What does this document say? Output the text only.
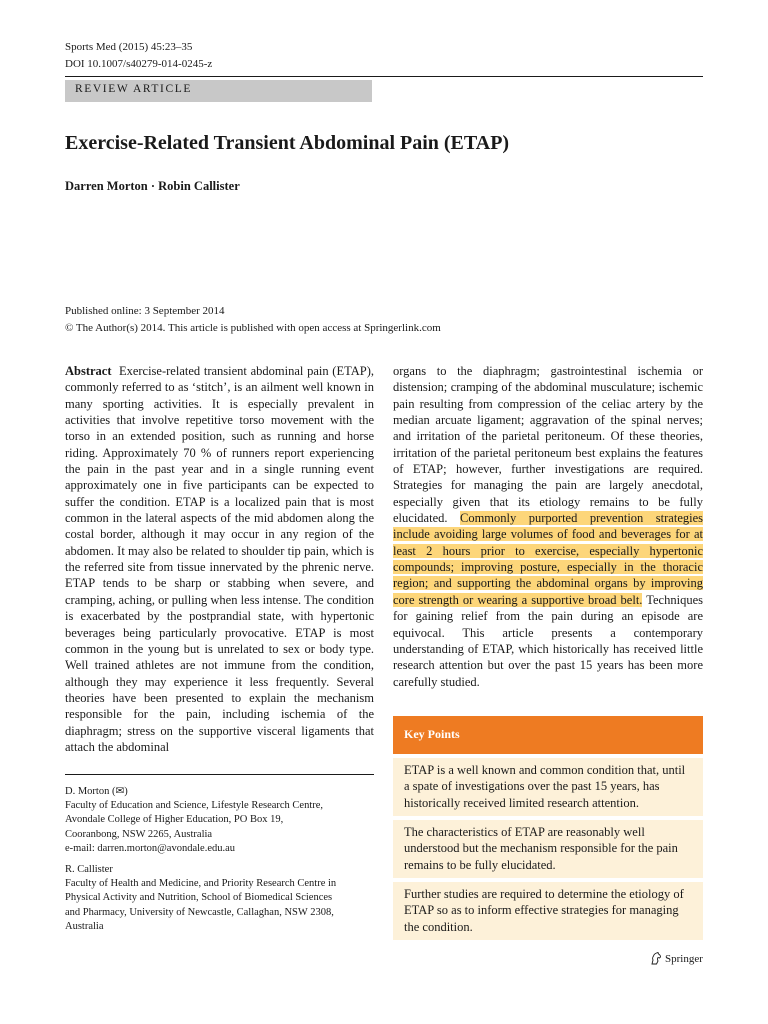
Sports Med (2015) 45:23–35
DOI 10.1007/s40279-014-0245-z
REVIEW ARTICLE
Exercise-Related Transient Abdominal Pain (ETAP)
Darren Morton · Robin Callister
Published online: 3 September 2014
© The Author(s) 2014. This article is published with open access at Springerlink.com
Abstract Exercise-related transient abdominal pain (ETAP), commonly referred to as ‘stitch’, is an ailment well known in many sporting activities. It is especially prevalent in activities that involve repetitive torso movement with the torso in an extended position, such as running and horse riding. Approximately 70 % of runners report experiencing the pain in the past year and in a single running event approximately one in five participants can be expected to suffer the condition. ETAP is a localized pain that is most common in the lateral aspects of the mid abdomen along the costal border, although it may occur in any region of the abdomen. It may also be related to shoulder tip pain, which is the referred site from tissue innervated by the phrenic nerve. ETAP tends to be sharp or stabbing when severe, and cramping, aching, or pulling when less intense. The condition is exacerbated by the postprandial state, with hypertonic beverages being particularly provocative. ETAP is most common in the young but is unrelated to sex or body type. Well trained athletes are not immune from the condition, although they may experience it less frequently. Several theories have been presented to explain the mechanism responsible for the pain, including ischemia of the diaphragm; stress on the supportive visceral ligaments that attach the abdominal
organs to the diaphragm; gastrointestinal ischemia or distension; cramping of the abdominal musculature; ischemic pain resulting from compression of the celiac artery by the median arcuate ligament; aggravation of the spinal nerves; and irritation of the parietal peritoneum. Of these theories, irritation of the parietal peritoneum best explains the features of ETAP; however, further investigations are required. Strategies for managing the pain are largely anecdotal, especially given that its etiology remains to be fully elucidated. Commonly purported prevention strategies include avoiding large volumes of food and beverages for at least 2 hours prior to exercise, especially hypertonic compounds; improving posture, especially in the thoracic region; and supporting the abdominal organs by improving core strength or wearing a supportive broad belt. Techniques for gaining relief from the pain during an episode are equivocal. This article presents a contemporary understanding of ETAP, which historically has received little research attention but over the past 15 years has been more carefully studied.
D. Morton (✉)
Faculty of Education and Science, Lifestyle Research Centre,
Avondale College of Higher Education, PO Box 19,
Cooranbong, NSW 2265, Australia
e-mail: darren.morton@avondale.edu.au
R. Callister
Faculty of Health and Medicine, and Priority Research Centre in
Physical Activity and Nutrition, School of Biomedical Sciences
and Pharmacy, University of Newcastle, Callaghan, NSW 2308,
Australia
Key Points
ETAP is a well known and common condition that, until a spate of investigations over the past 15 years, has historically received limited research attention.
The characteristics of ETAP are reasonably well understood but the mechanism responsible for the pain remains to be fully elucidated.
Further studies are required to determine the etiology of ETAP so as to inform effective strategies for managing the condition.
Springer
